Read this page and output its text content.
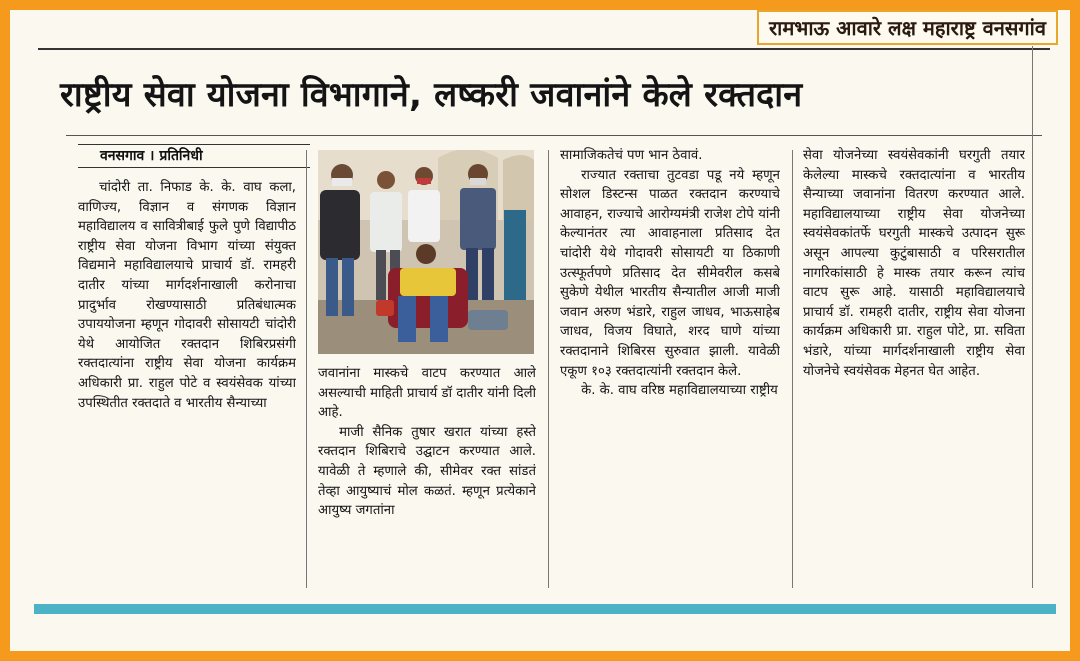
रामभाऊ आवारे लक्ष महाराष्ट्र वनसगांव
राष्ट्रीय सेवा योजना विभागाने, लष्करी जवानांने केले रक्तदान
वनसगाव । प्रतिनिधी

चांदोरी ता. निफाड के. के. वाघ कला, वाणिज्य, विज्ञान व संगणक विज्ञान महाविद्यालय व सावित्रीबाई फुले पुणे विद्यापीठ राष्ट्रीय सेवा योजना विभाग यांच्या संयुक्त विद्यमाने महाविद्यालयाचे प्राचार्य डॉ. रामहरी दातीर यांच्या मार्गदर्शनाखाली करोनाचा प्रादुर्भाव रोखण्यासाठी प्रतिबंधात्मक उपाययोजना म्हणून गोदावरी सोसायटी चांदोरी येथे आयोजित रक्तदान शिबिरप्रसंगी रक्तदात्यांना राष्ट्रीय सेवा योजना कार्यक्रम अधिकारी प्रा. राहुल पोटे व स्वयंसेवक यांच्या उपस्थितीत रक्तदाते व भारतीय सैन्याच्या

जवानांना मास्कचे वाटप करण्यात आले असल्याची माहिती प्राचार्य डॉ दातीर यांनी दिली आहे.

माजी सैनिक तुषार खरात यांच्या हस्ते रक्तदान शिबिराचे उद्घाटन करण्यात आले. यावेळी ते म्हणाले की, सीमेवर रक्त सांडतं तेव्हा आयुष्याचं मोल कळतं. म्हणून प्रत्येकाने आयुष्य जगतांना

सामाजिकतेचं पण भान ठेवावं.

राज्यात रक्ताचा तुटवडा पडू नये म्हणून सोशल डिस्टन्स पाळत रक्तदान करण्याचे आवाहन, राज्याचे आरोग्यमंत्री राजेश टोपे यांनी केल्यानंतर त्या आवाहनाला प्रतिसाद देत चांदोरी येथे गोदावरी सोसायटी या ठिकाणी उत्स्फूर्तपणे प्रतिसाद देत सीमेवरील कसबे सुकेणे येथील भारतीय सैन्यातील आजी माजी जवान अरुण भंडारे, राहुल जाधव, भाऊसाहेब जाधव, विजय विघाते, शरद घाणे यांच्या रक्तदानाने शिबिरस सुरुवात झाली. यावेळी एकूण १०३ रक्तदात्यांनी रक्तदान केले.

के. के. वाघ वरिष्ठ महाविद्यालयाच्या राष्ट्रीय

सेवा योजनेच्या स्वयंसेवकांनी घरगुती तयार केलेल्या मास्कचे रक्तदात्यांना व भारतीय सैन्याच्या जवानांना वितरण करण्यात आले. महाविद्यालयाच्या राष्ट्रीय सेवा योजनेच्या स्वयंसेवकांतर्फे घरगुती मास्कचे उत्पादन सुरू असून आपल्या कुटुंबासाठी व परिसरातील नागरिकांसाठी हे मास्क तयार करून त्यांच वाटप सुरू आहे. यासाठी महाविद्यालयाचे प्राचार्य डॉ. रामहरी दातीर, राष्ट्रीय सेवा योजना कार्यक्रम अधिकारी प्रा. राहुल पोटे, प्रा. सविता भंडारे, यांच्या मार्गदर्शनाखाली राष्ट्रीय सेवा योजनेचे स्वयंसेवक मेहनत घेत आहेत.
